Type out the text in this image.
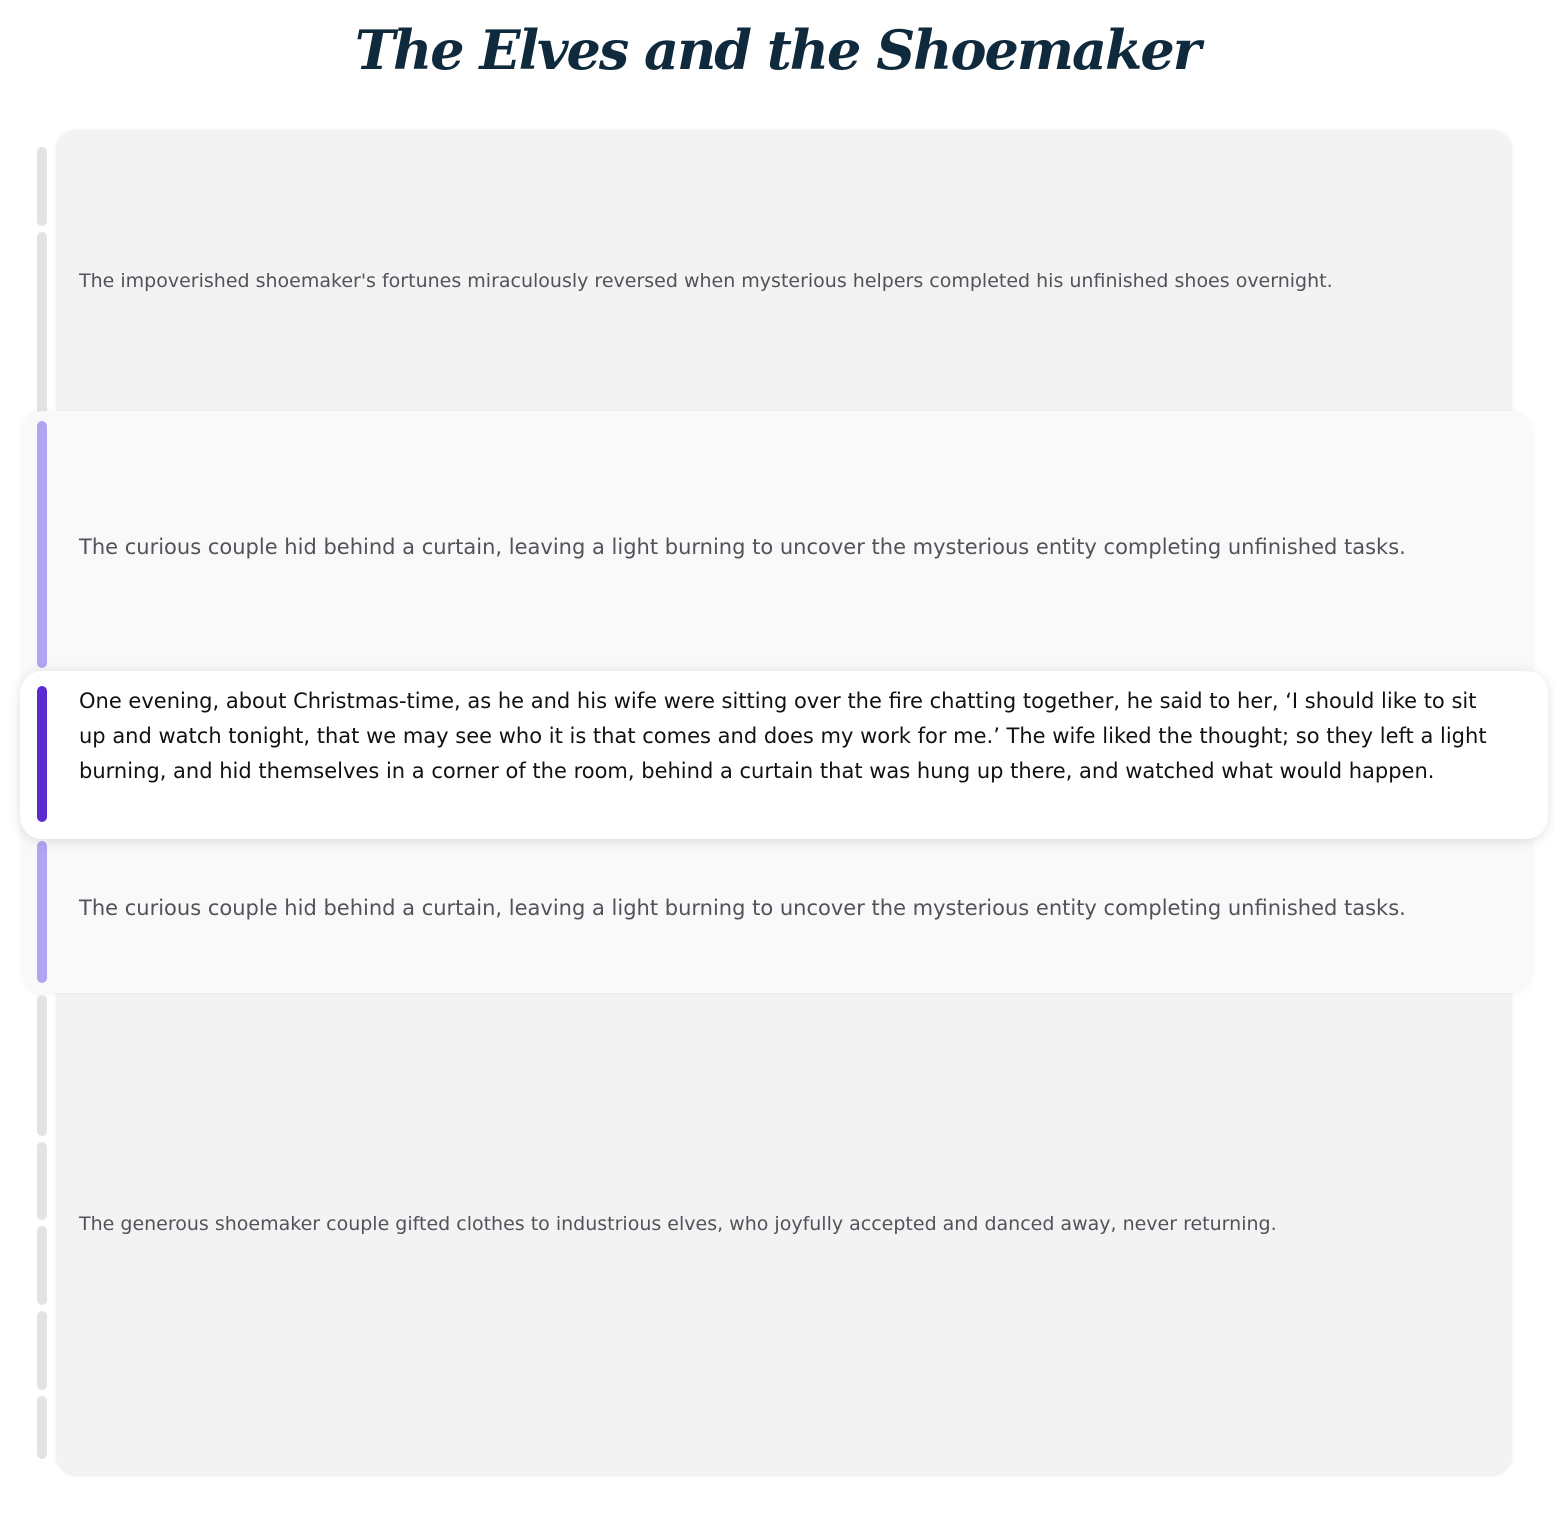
The Elves and the Shoemaker
The impoverished shoemaker's fortunes miraculously reversed when mysterious helpers completed his unfinished shoes overnight.
The curious couple hid behind a curtain, leaving a light burning to uncover the mysterious entity completing unfinished tasks.
The curious couple hid behind a curtain, leaving a light burning to uncover the mysterious entity completing unfinished tasks.

One evening, about Christmas-time, as he and his wife were sitting over the fire chatting together, he said to her, ‘I should like to sit up and watch tonight, that we may see who it is that comes and does my work for me.’ The wife liked the thought; so they left a light burning, and hid themselves in a corner of the room, behind a curtain that was hung up there, and watched what would happen.

The generous shoemaker couple gifted clothes to industrious elves, who joyfully accepted and danced away, never returning.
